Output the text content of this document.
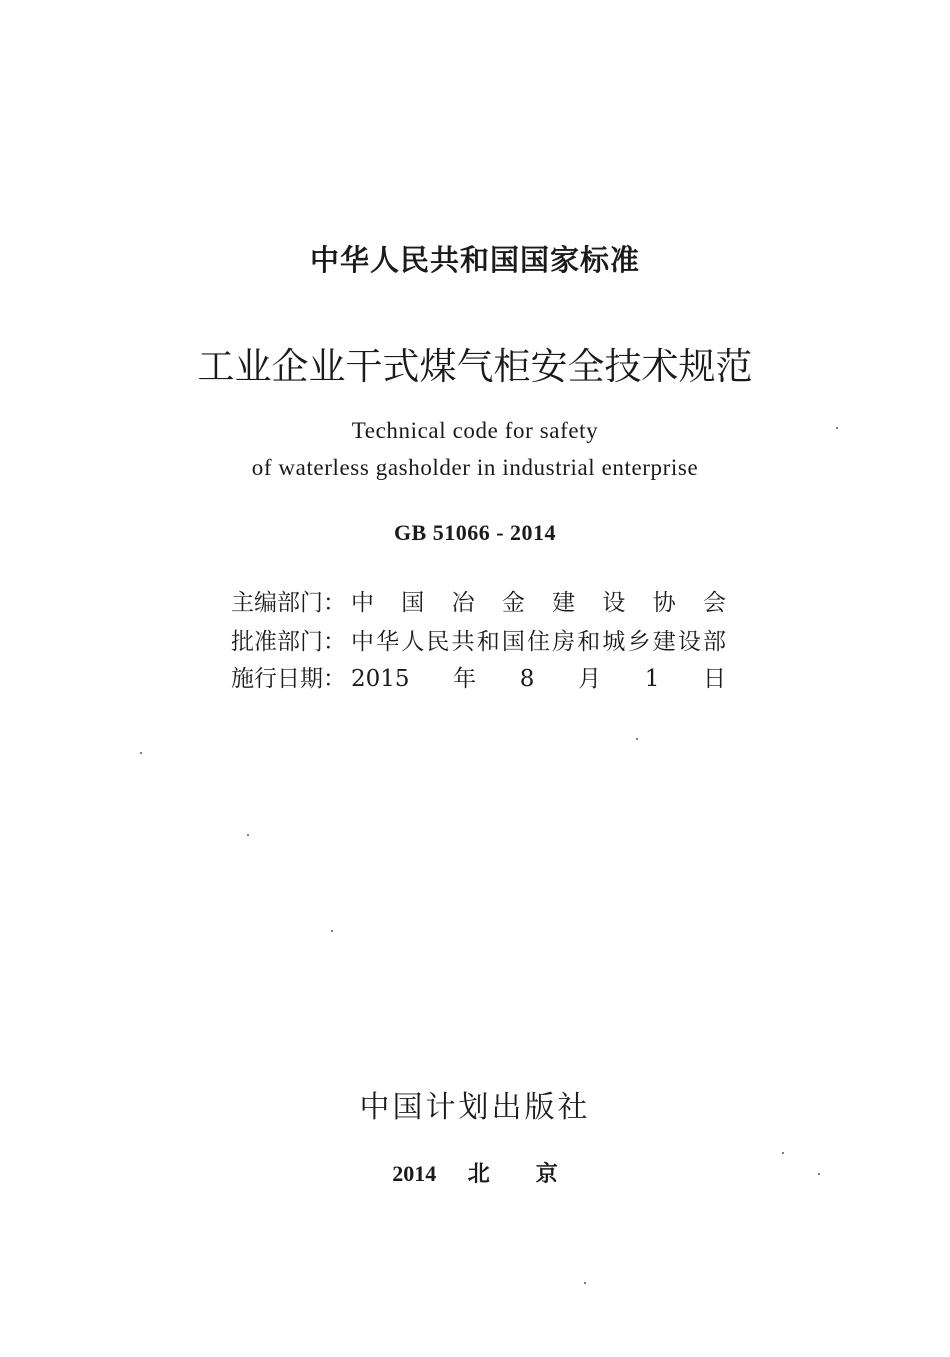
中华人民共和国国家标准
工业企业干式煤气柜安全技术规范
Technical code for safety
of waterless gasholder in industrial enterprise
GB 51066 - 2014
主编部门： 中国冶金建设协会
批准部门： 中华人民共和国住房和城乡建设部
施行日期： 2015年8月1日
中国计划出版社
2014 北京
